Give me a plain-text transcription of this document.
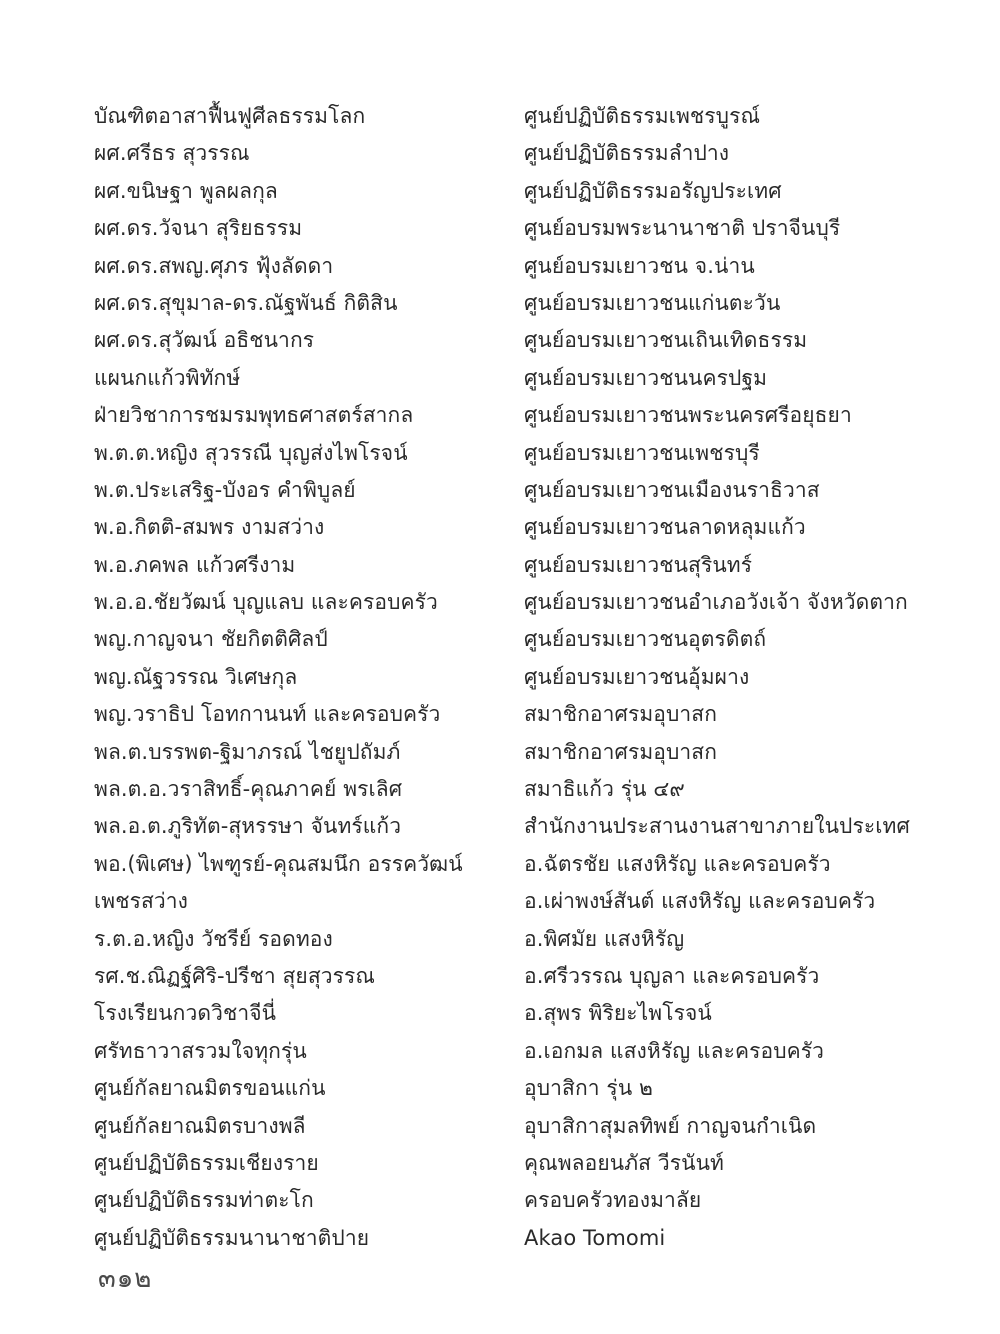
บัณฑิตอาสาฟื้นฟูศีลธรรมโลก
ผศ.ศรีธร สุวรรณ
ผศ.ขนิษฐา พูลผลกุล
ผศ.ดร.วัจนา สุริยธรรม
ผศ.ดร.สพญ.ศุภร ฟุ้งลัดดา
ผศ.ดร.สุขุมาล-ดร.ณัฐพันธ์ กิติสิน
ผศ.ดร.สุวัฒน์ อธิชนากร
แผนกแก้วพิทักษ์
ฝ่ายวิชาการชมรมพุทธศาสตร์สากล
พ.ต.ต.หญิง สุวรรณี บุญส่งไพโรจน์
พ.ต.ประเสริฐ-บังอร คำพิบูลย์
พ.อ.กิตติ-สมพร งามสว่าง
พ.อ.ภคพล แก้วศรีงาม
พ.อ.อ.ชัยวัฒน์ บุญแลบ และครอบครัว
พญ.กาญจนา ชัยกิตติศิลป์
พญ.ณัฐวรรณ วิเศษกุล
พญ.วราธิป โอทกานนท์ และครอบครัว
พล.ต.บรรพต-ฐิมาภรณ์ ไชยูปถัมภ์
พล.ต.อ.วราสิทธิ์-คุณภาคย์ พรเลิศ
พล.อ.ต.ภูริทัต-สุหรรษา จันทร์แก้ว
พอ.(พิเศษ) ไพฑูรย์-คุณสมนึก อรรควัฒน์
เพชรสว่าง
ร.ต.อ.หญิง วัชรีย์ รอดทอง
รศ.ช.ณิฏฐ์ศิริ-ปรีชา สุยสุวรรณ
โรงเรียนกวดวิชาจีนี่
ศรัทธาวาสรวมใจทุกรุ่น
ศูนย์กัลยาณมิตรขอนแก่น
ศูนย์กัลยาณมิตรบางพลี
ศูนย์ปฏิบัติธรรมเชียงราย
ศูนย์ปฏิบัติธรรมท่าตะโก
ศูนย์ปฏิบัติธรรมนานาชาติปาย
ศูนย์ปฏิบัติธรรมเพชรบูรณ์
ศูนย์ปฏิบัติธรรมลำปาง
ศูนย์ปฏิบัติธรรมอรัญประเทศ
ศูนย์อบรมพระนานาชาติ ปราจีนบุรี
ศูนย์อบรมเยาวชน จ.น่าน
ศูนย์อบรมเยาวชนแก่นตะวัน
ศูนย์อบรมเยาวชนเถินเทิดธรรม
ศูนย์อบรมเยาวชนนครปฐม
ศูนย์อบรมเยาวชนพระนครศรีอยุธยา
ศูนย์อบรมเยาวชนเพชรบุรี
ศูนย์อบรมเยาวชนเมืองนราธิวาส
ศูนย์อบรมเยาวชนลาดหลุมแก้ว
ศูนย์อบรมเยาวชนสุรินทร์
ศูนย์อบรมเยาวชนอำเภอวังเจ้า จังหวัดตาก
ศูนย์อบรมเยาวชนอุตรดิตถ์
ศูนย์อบรมเยาวชนอุ้มผาง
สมาชิกอาศรมอุบาสก
สมาชิกอาศรมอุบาสก
สมาธิแก้ว รุ่น ๔๙
สำนักงานประสานงานสาขาภายในประเทศ
อ.ฉัตรชัย แสงหิรัญ และครอบครัว
อ.เผ่าพงษ์สันต์ แสงหิรัญ และครอบครัว
อ.พิศมัย แสงหิรัญ
อ.ศรีวรรณ บุญลา และครอบครัว
อ.สุพร พิริยะไพโรจน์
อ.เอกมล แสงหิรัญ และครอบครัว
อุบาสิกา รุ่น ๒
อุบาสิกาสุมลทิพย์ กาญจนกำเนิด
คุณพลอยนภัส วีรนันท์
ครอบครัวทองมาลัย
Akao Tomomi
๓๑๒
